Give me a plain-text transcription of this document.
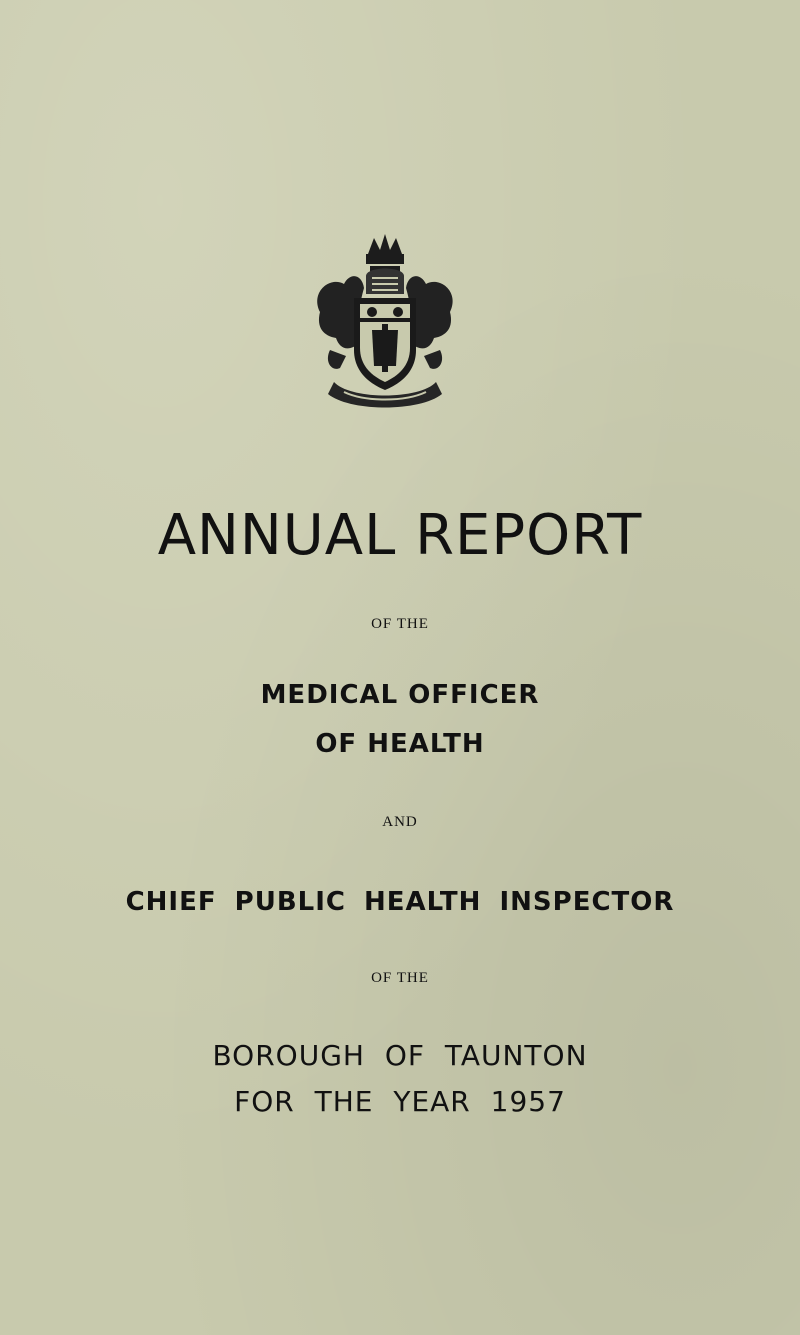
ANNUAL REPORT
OF THE
MEDICAL OFFICER
OF HEALTH
AND
CHIEF PUBLIC HEALTH INSPECTOR
OF THE
BOROUGH OF TAUNTON
FOR THE YEAR 1957
